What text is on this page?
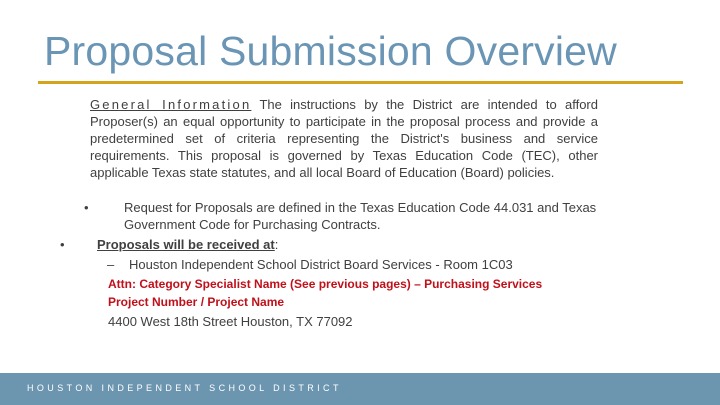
Proposal Submission Overview
General Information The instructions by the District are intended to afford Proposer(s) an equal opportunity to participate in the proposal process and provide a predetermined set of criteria representing the District's business and service requirements. This proposal is governed by Texas Education Code (TEC), other applicable Texas state statutes, and all local Board of Education (Board) policies.
•	Request for Proposals are defined in the Texas Education Code 44.031 and Texas Government Code for Purchasing Contracts.
• Proposals will be received at:
– Houston Independent School District Board Services - Room 1C03
Attn: Category Specialist Name (See previous pages) – Purchasing Services
Project Number / Project Name
4400 West 18th Street Houston, TX 77092
HOUSTON INDEPENDENT SCHOOL DISTRICT
